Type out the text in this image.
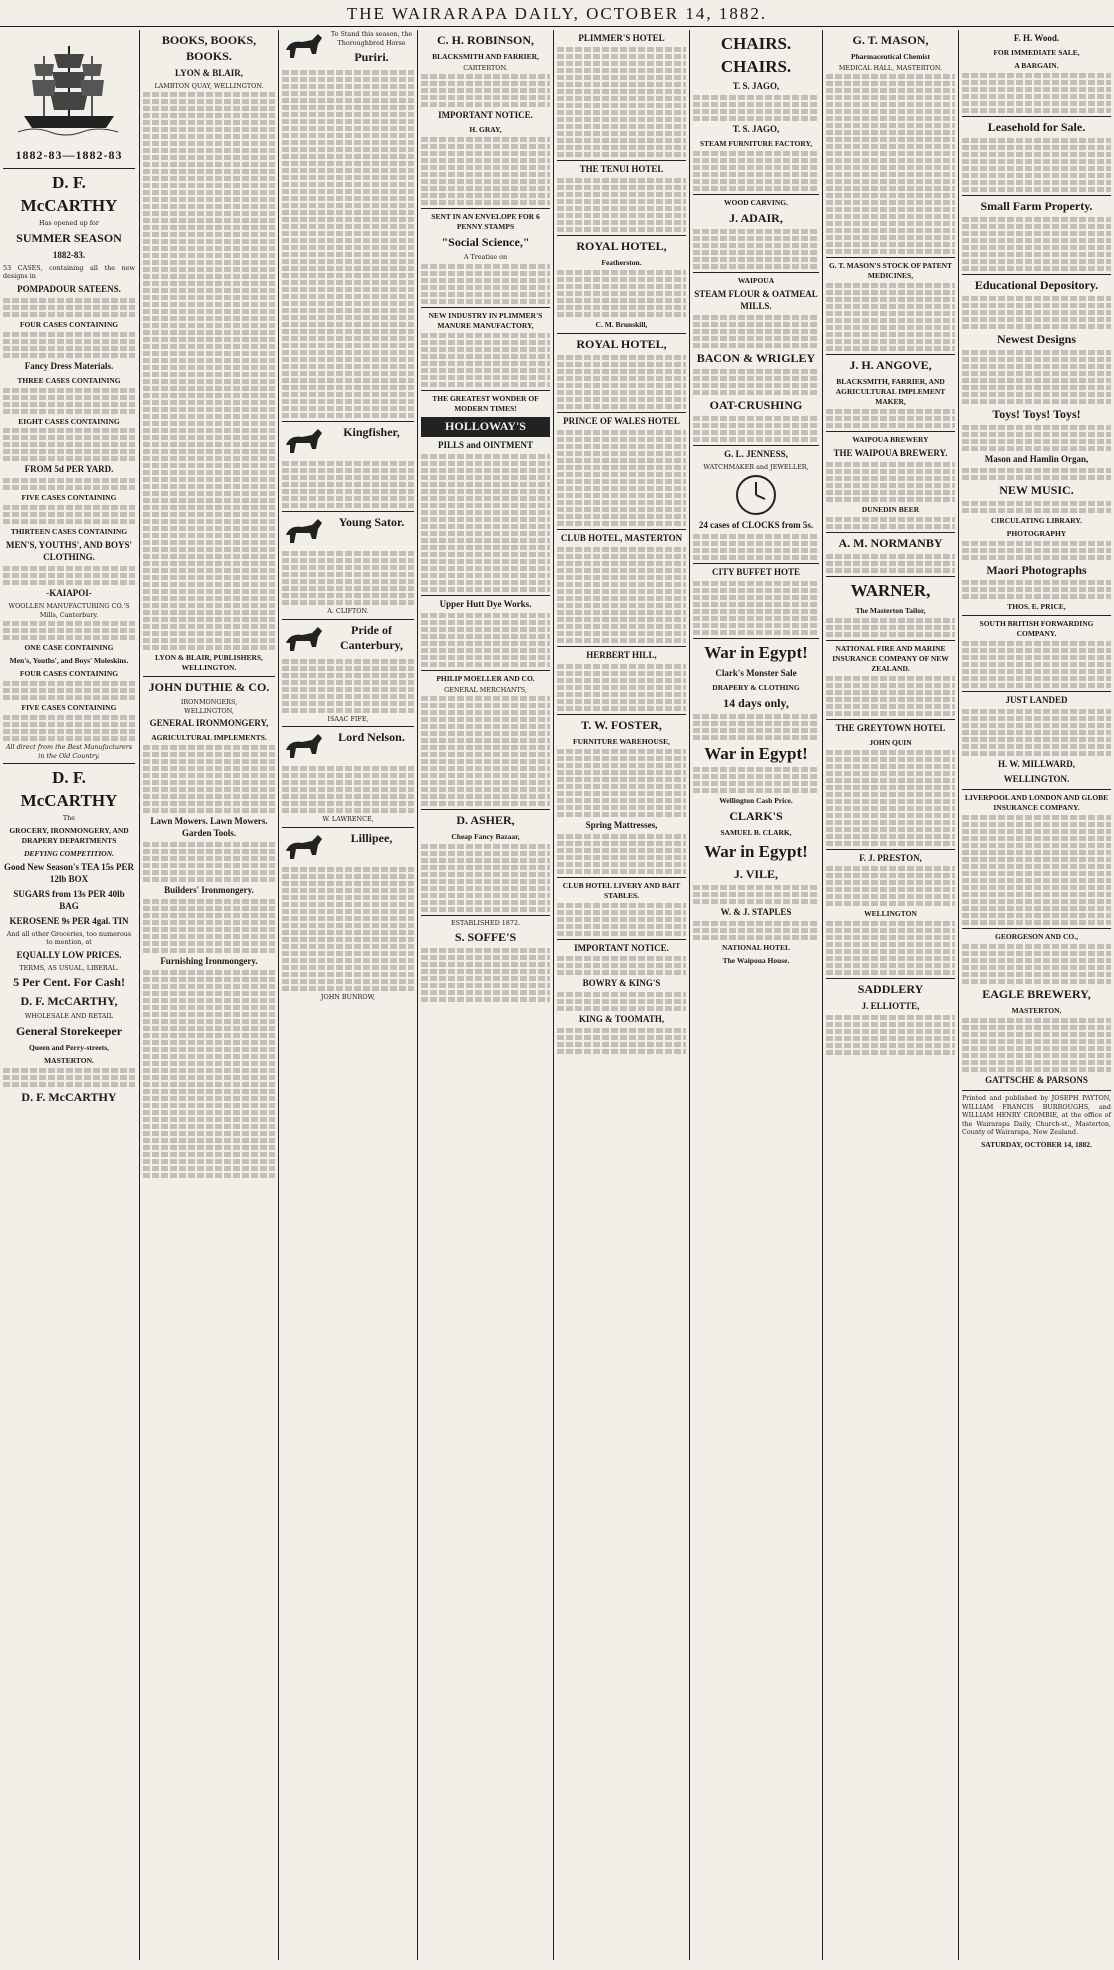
THE WAIRARAPA DAILY, OCTOBER 14, 1882.
1882-83—1882-83
D. F. McCARTHY
Has opened up for
SUMMER SEASON
1882-83.

53 CASES, containing all the new designs in

POMPADOUR SATEENS.
FOUR CASES CONTAINING
Fancy Dress Materials.
THREE CASES CONTAINING
EIGHT CASES CONTAINING
FROM 5d PER YARD.
FIVE CASES CONTAINING
THIRTEEN CASES CONTAINING
MEN'S, YOUTHS', AND BOYS' CLOTHING.
-KAIAPOI-
WOOLLEN MANUFACTURING CO.'S Mills, Canterbury.
ONE CASE CONTAINING
Men's, Youths', and Boys' Moleskins.
FOUR CASES CONTAINING
FIVE CASES CONTAINING
All direct from the Best Manufacturers in the Old Country.
D. F. McCARTHY
The
GROCERY, IRONMONGERY, AND DRAPERY DEPARTMENTS
DEFYING COMPETITION.
Good New Season's TEA 15s PER 12lb BOX
SUGARS from 13s PER 40lb BAG
KEROSENE 9s PER 4gal. TIN
And all other Groceries, too numerous to mention, at
EQUALLY LOW PRICES.
TERMS, AS USUAL, LIBERAL.
5 Per Cent. For Cash!
D. F. McCARTHY,
WHOLESALE AND RETAIL
General Storekeeper
Queen and Perry-streets,
MASTERTON.
D. F. McCARTHY
BOOKS, BOOKS, BOOKS.
LYON & BLAIR,
LAMBTON QUAY, WELLINGTON.
LYON & BLAIR, PUBLISHERS, WELLINGTON.
JOHN DUTHIE & CO.
IRONMONGERS,
WELLINGTON,
GENERAL IRONMONGERY,
AGRICULTURAL IMPLEMENTS.
Lawn Mowers. Lawn Mowers. Garden Tools.
Builders' Ironmongery.
Furnishing Ironmongery.
To Stand this season, the Thoroughbred Horse
Puriri.
Kingfisher,
Young Sator.
A. CLIFTON.
Pride of Canterbury,
ISAAC FIFE,
Lord Nelson.
W. LAWRENCE,
Lillipee,
JOHN BUNROW,
C. H. ROBINSON,
BLACKSMITH AND FARRIER,
CARTERTON.
IMPORTANT NOTICE.
H. GRAY,
SENT IN AN ENVELOPE FOR 6 PENNY STAMPS
"Social Science,"
A Treatise on
NEW INDUSTRY IN PLIMMER'S MANURE MANUFACTORY,
THE GREATEST WONDER OF MODERN TIMES!
HOLLOWAY'S
PILLS and OINTMENT
Upper Hutt Dye Works.
PHILIP MOELLER AND CO.
GENERAL MERCHANTS,
D. ASHER,
Cheap Fancy Bazaar,
ESTABLISHED 1872.
S. SOFFE'S
PLIMMER'S HOTEL
THE TENUI HOTEL
ROYAL HOTEL,
Featherston.
C. M. Brunskill,
ROYAL HOTEL,
PRINCE OF WALES HOTEL
CLUB HOTEL, MASTERTON
HERBERT HILL,
T. W. FOSTER,
FURNITURE WAREHOUSE,
Spring Mattresses,
CLUB HOTEL LIVERY AND BAIT STABLES.
IMPORTANT NOTICE.
BOWRY & KING'S
KING & TOOMATH,
CHAIRS. CHAIRS.
T. S. JAGO,
T. S. JAGO,
STEAM FURNITURE FACTORY,
WOOD CARVING.
J. ADAIR,
WAIPOUA
STEAM FLOUR & OATMEAL MILLS.
BACON & WRIGLEY
OAT-CRUSHING
G. L. JENNESS,
WATCHMAKER and JEWELLER,
24 cases of CLOCKS from 5s.
CITY BUFFET HOTE
War in Egypt!
Clark's Monster Sale
DRAPERY & CLOTHING
14 days only,
War in Egypt!
Wellington Cash Price.
CLARK'S
SAMUEL B. CLARK,
War in Egypt!
J. VILE,
W. & J. STAPLES
NATIONAL HOTEL
The Waipoua House.
G. T. MASON,
Pharmaceutical Chemist
MEDICAL HALL, MASTERTON.
G. T. MASON'S STOCK OF PATENT MEDICINES,
J. H. ANGOVE,
BLACKSMITH, FARRIER, AND AGRICULTURAL IMPLEMENT MAKER,
WAIPOUA BREWERY
THE WAIPOUA BREWERY.
DUNEDIN BEER
A. M. NORMANBY
WARNER,
The Masterton Tailor,
NATIONAL FIRE AND MARINE INSURANCE COMPANY OF NEW ZEALAND.
THE GREYTOWN HOTEL
JOHN QUIN
F. J. PRESTON,
WELLINGTON
SADDLERY
J. ELLIOTTE,
F. H. Wood.
FOR IMMEDIATE SALE,
A BARGAIN.
Leasehold for Sale.
Small Farm Property.
Educational Depository.
Newest Designs
Toys! Toys! Toys!
Mason and Hamlin Organ,
NEW MUSIC.
CIRCULATING LIBRARY.
PHOTOGRAPHY
Maori Photographs
THOS. E. PRICE,
SOUTH BRITISH FORWARDING COMPANY.
JUST LANDED
H. W. MILLWARD,
WELLINGTON.
LIVERPOOL AND LONDON AND GLOBE INSURANCE COMPANY.
GEORGESON AND CO.,
EAGLE BREWERY,
MASTERTON.
GATTSCHE & PARSONS

Printed and published by JOSEPH PAYTON, WILLIAM FRANCIS BURROUGHS, and WILLIAM HENRY CROMBIE, at the office of the Wairarapa Daily, Church-st., Masterton, County of Wairarapa, New Zealand.

SATURDAY, OCTOBER 14, 1882.
